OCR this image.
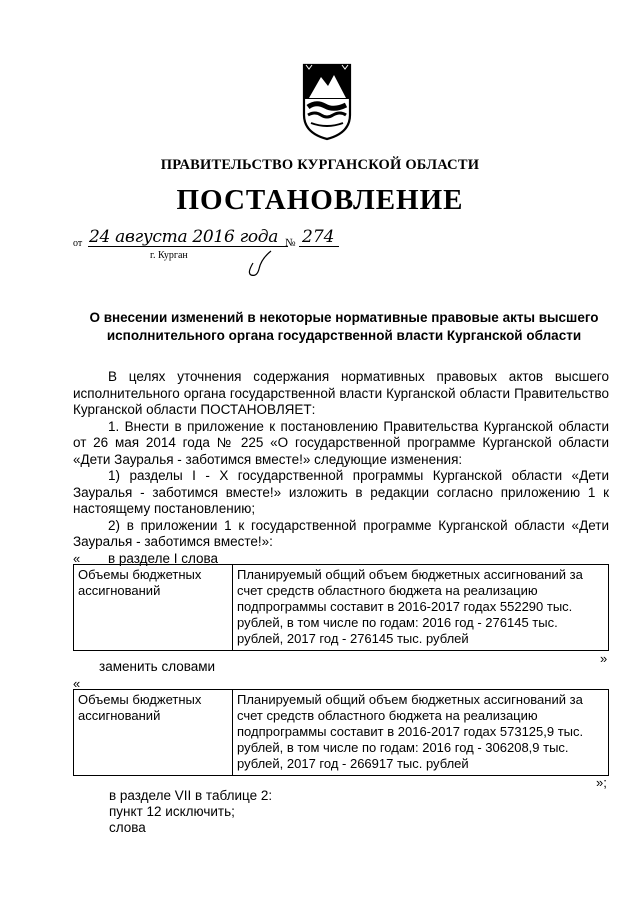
ПРАВИТЕЛЬСТВО КУРГАНСКОЙ ОБЛАСТИ
ПОСТАНОВЛЕНИЕ
от 24 августа 2016 года № 274
г. Курган
О внесении изменений в некоторые нормативные правовые акты высшего исполнительного органа государственной власти Курганской области

В целях уточнения содержания нормативных правовых актов высшего исполнительного органа государственной власти Курганской области Правительство Курганской области ПОСТАНОВЛЯЕТ:

1. Внести в приложение к постановлению Правительства Курганской области от 26 мая 2014 года № 225 «О государственной программе Курганской области «Дети Зауралья - заботимся вместе!» следующие изменения:

1) разделы I - X государственной программы Курганской области «Дети Зауралья - заботимся вместе!» изложить в редакции согласно приложению 1 к настоящему постановлению;

2) в приложении 1 к государственной программе Курганской области «Дети Зауралья - заботимся вместе!»:

в разделе I слова

«
Объемы бюджетных ассигнований	Планируемый общий объем бюджетных ассигнований за счет средств областного бюджета на реализацию подпрограммы составит в 2016-2017 годах 552290 тыс. рублей, в том числе по годам: 2016 год - 276145 тыс. рублей, 2017 год - 276145 тыс. рублей
»
заменить словами
«
Объемы бюджетных ассигнований	Планируемый общий объем бюджетных ассигнований за счет средств областного бюджета на реализацию подпрограммы составит в 2016-2017 годах 573125,9 тыс. рублей, в том числе по годам: 2016 год - 306208,9 тыс. рублей, 2017 год - 266917 тыс. рублей
»;
в разделе VII в таблице 2:
пункт 12 исключить;
слова
